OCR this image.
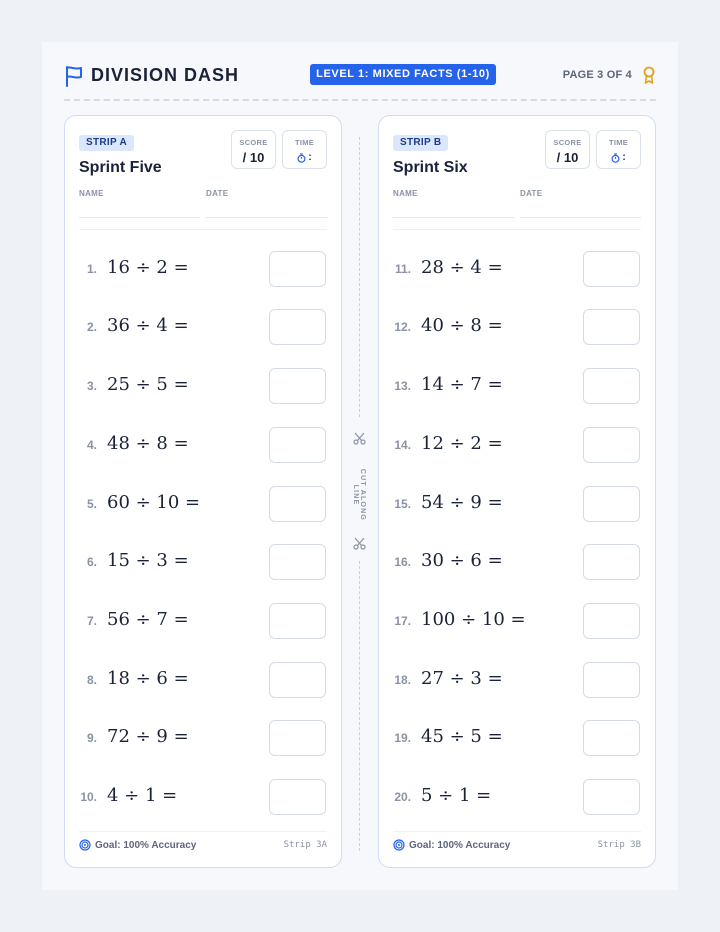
DIVISION DASH	LEVEL 1: MIXED FACTS (1-10)	PAGE 3 OF 4
CUT ALONG LINE
STRIP A
Sprint Five
SCORE
/ 10
TIME
:
NAME	DATE
1. 16 ÷ 2 =
2. 36 ÷ 4 =
3. 25 ÷ 5 =
4. 48 ÷ 8 =
5. 60 ÷ 10 =
6. 15 ÷ 3 =
7. 56 ÷ 7 =
8. 18 ÷ 6 =
9. 72 ÷ 9 =
10. 4 ÷ 1 =
Goal: 100% Accuracy	Strip 3A
STRIP B
Sprint Six
SCORE
/ 10
TIME
:
NAME	DATE
11. 28 ÷ 4 =
12. 40 ÷ 8 =
13. 14 ÷ 7 =
14. 12 ÷ 2 =
15. 54 ÷ 9 =
16. 30 ÷ 6 =
17. 100 ÷ 10 =
18. 27 ÷ 3 =
19. 45 ÷ 5 =
20. 5 ÷ 1 =
Goal: 100% Accuracy	Strip 3B
